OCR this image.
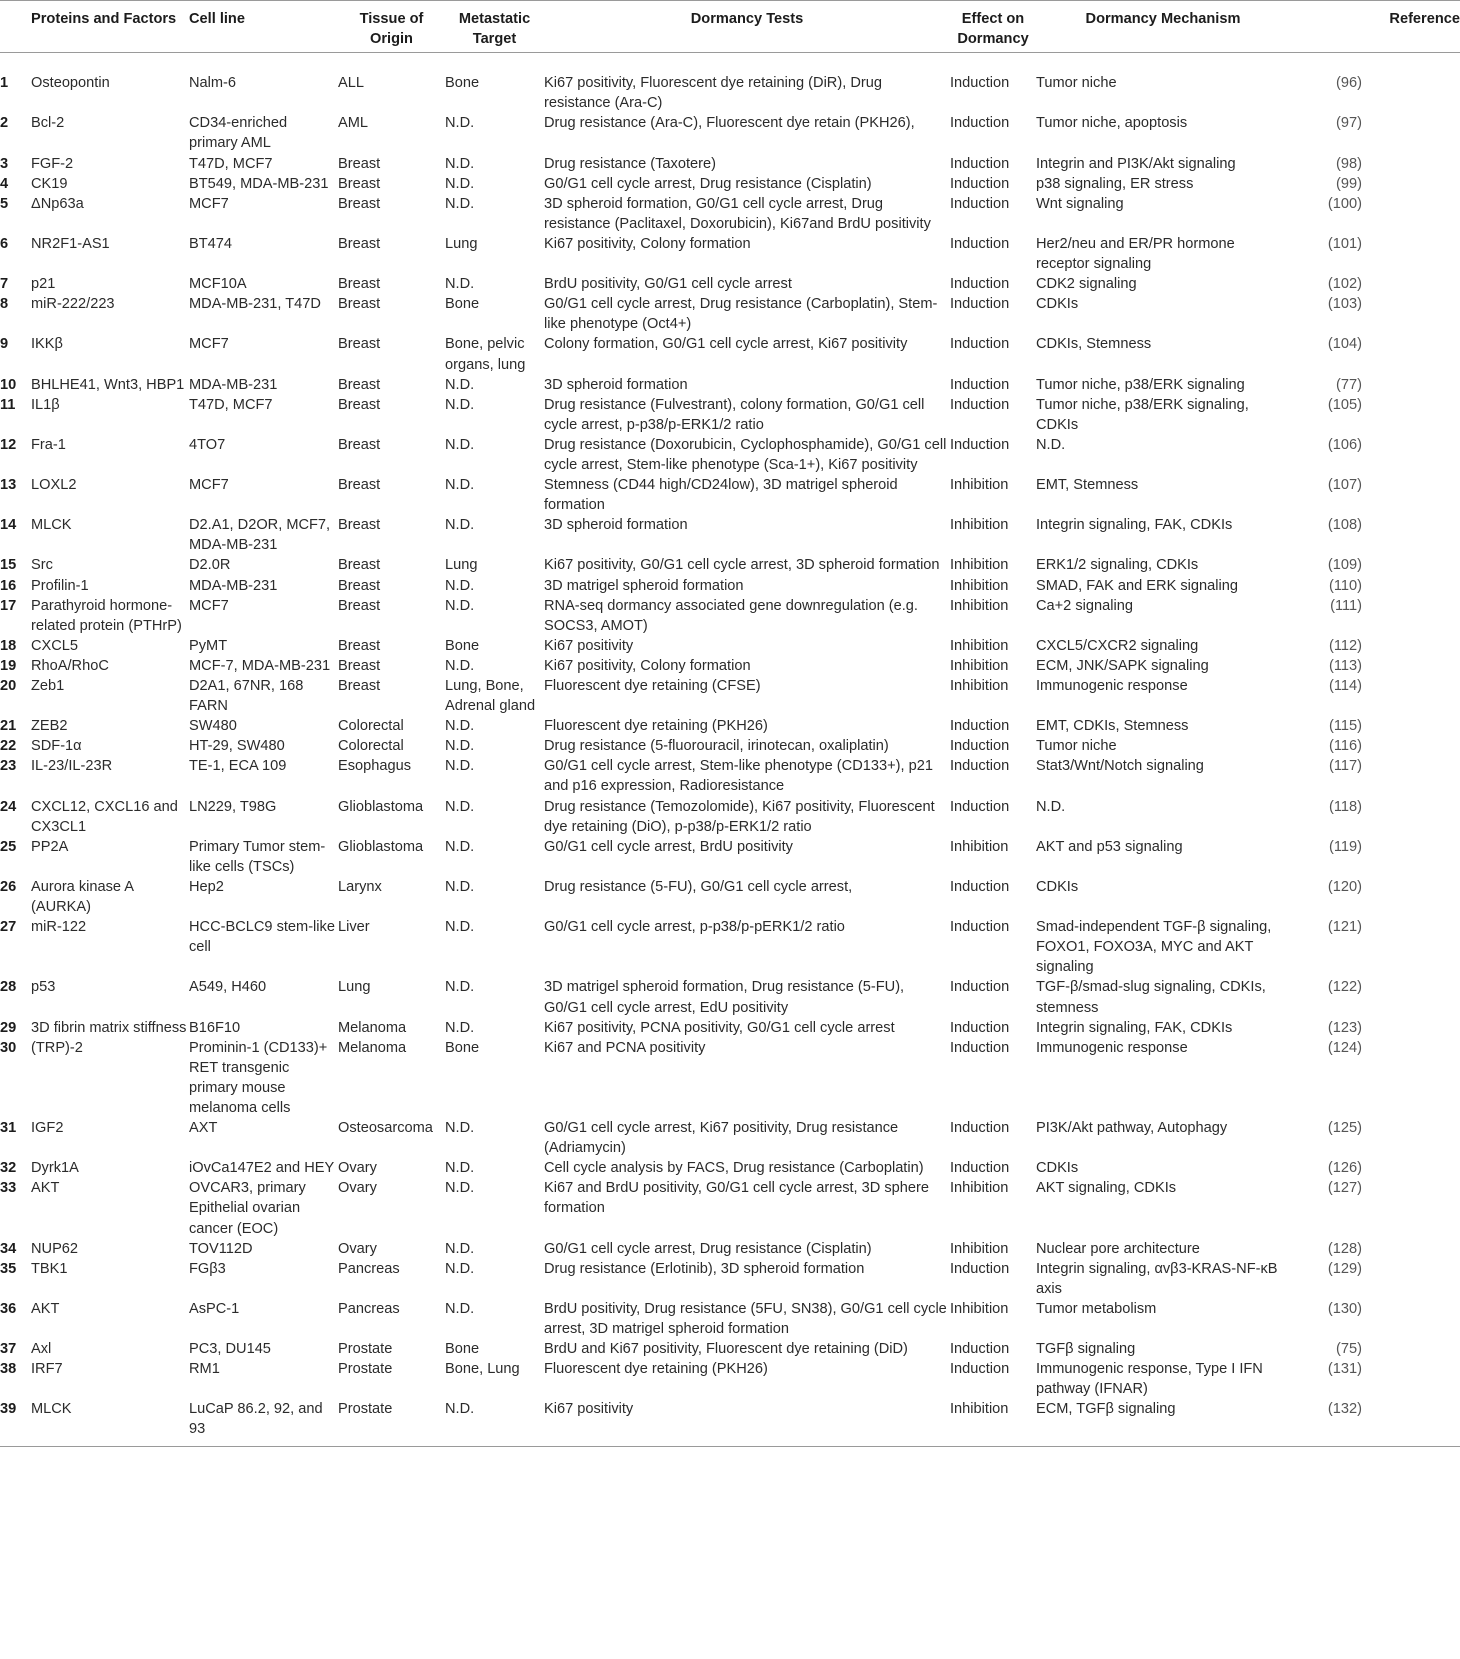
	Proteins and Factors	Cell line	Tissue of Origin	Metastatic Target	Dormancy Tests	Effect on Dormancy	Dormancy Mechanism	Reference
1	Osteopontin	Nalm-6	ALL	Bone	Ki67 positivity, Fluorescent dye retaining (DiR), Drug resistance (Ara-C)	Induction	Tumor niche	(96)
2	Bcl-2	CD34-enriched primary AML	AML	N.D.	Drug resistance (Ara-C), Fluorescent dye retain (PKH26),	Induction	Tumor niche, apoptosis	(97)
3	FGF-2	T47D, MCF7	Breast	N.D.	Drug resistance (Taxotere)	Induction	Integrin and PI3K/Akt signaling	(98)
4	CK19	BT549, MDA-MB-231	Breast	N.D.	G0/G1 cell cycle arrest, Drug resistance (Cisplatin)	Induction	p38 signaling, ER stress	(99)
5	ΔNp63a	MCF7	Breast	N.D.	3D spheroid formation, G0/G1 cell cycle arrest, Drug resistance (Paclitaxel, Doxorubicin), Ki67and BrdU positivity	Induction	Wnt signaling	(100)
6	NR2F1-AS1	BT474	Breast	Lung	Ki67 positivity, Colony formation	Induction	Her2/neu and ER/PR hormone receptor signaling	(101)
7	p21	MCF10A	Breast	N.D.	BrdU positivity, G0/G1 cell cycle arrest	Induction	CDK2 signaling	(102)
8	miR-222/223	MDA-MB-231, T47D	Breast	Bone	G0/G1 cell cycle arrest, Drug resistance (Carboplatin), Stem-like phenotype (Oct4+)	Induction	CDKIs	(103)
9	IKKβ	MCF7	Breast	Bone, pelvic organs, lung	Colony formation, G0/G1 cell cycle arrest, Ki67 positivity	Induction	CDKIs, Stemness	(104)
10	BHLHE41, Wnt3, HBP1	MDA-MB-231	Breast	N.D.	3D spheroid formation	Induction	Tumor niche, p38/ERK signaling	(77)
11	IL1β	T47D, MCF7	Breast	N.D.	Drug resistance (Fulvestrant), colony formation, G0/G1 cell cycle arrest, p-p38/p-ERK1/2 ratio	Induction	Tumor niche, p38/ERK signaling, CDKIs	(105)
12	Fra-1	4TO7	Breast	N.D.	Drug resistance (Doxorubicin, Cyclophosphamide), G0/G1 cell cycle arrest, Stem-like phenotype (Sca-1+), Ki67 positivity	Induction	N.D.	(106)
13	LOXL2	MCF7	Breast	N.D.	Stemness (CD44 high/CD24low), 3D matrigel spheroid formation	Inhibition	EMT, Stemness	(107)
14	MLCK	D2.A1, D2OR, MCF7, MDA-MB-231	Breast	N.D.	3D spheroid formation	Inhibition	Integrin signaling, FAK, CDKIs	(108)
15	Src	D2.0R	Breast	Lung	Ki67 positivity, G0/G1 cell cycle arrest, 3D spheroid formation	Inhibition	ERK1/2 signaling, CDKIs	(109)
16	Profilin-1	MDA-MB-231	Breast	N.D.	3D matrigel spheroid formation	Inhibition	SMAD, FAK and ERK signaling	(110)
17	Parathyroid hormone-related protein (PTHrP)	MCF7	Breast	N.D.	RNA-seq dormancy associated gene downregulation (e.g. SOCS3, AMOT)	Inhibition	Ca+2 signaling	(111)
18	CXCL5	PyMT	Breast	Bone	Ki67 positivity	Inhibition	CXCL5/CXCR2 signaling	(112)
19	RhoA/RhoC	MCF-7, MDA-MB-231	Breast	N.D.	Ki67 positivity, Colony formation	Inhibition	ECM, JNK/SAPK signaling	(113)
20	Zeb1	D2A1, 67NR, 168 FARN	Breast	Lung, Bone, Adrenal gland	Fluorescent dye retaining (CFSE)	Inhibition	Immunogenic response	(114)
21	ZEB2	SW480	Colorectal	N.D.	Fluorescent dye retaining (PKH26)	Induction	EMT, CDKIs, Stemness	(115)
22	SDF-1α	HT-29, SW480	Colorectal	N.D.	Drug resistance (5-fluorouracil, irinotecan, oxaliplatin)	Induction	Tumor niche	(116)
23	IL-23/IL-23R	TE-1, ECA 109	Esophagus	N.D.	G0/G1 cell cycle arrest, Stem-like phenotype (CD133+), p21 and p16 expression, Radioresistance	Induction	Stat3/Wnt/Notch signaling	(117)
24	CXCL12, CXCL16 and CX3CL1	LN229, T98G	Glioblastoma	N.D.	Drug resistance (Temozolomide), Ki67 positivity, Fluorescent dye retaining (DiO), p-p38/p-ERK1/2 ratio	Induction	N.D.	(118)
25	PP2A	Primary Tumor stem-like cells (TSCs)	Glioblastoma	N.D.	G0/G1 cell cycle arrest, BrdU positivity	Inhibition	AKT and p53 signaling	(119)
26	Aurora kinase A (AURKA)	Hep2	Larynx	N.D.	Drug resistance (5-FU), G0/G1 cell cycle arrest,	Induction	CDKIs	(120)
27	miR-122	HCC-BCLC9 stem-like cell	Liver	N.D.	G0/G1 cell cycle arrest, p-p38/p-pERK1/2 ratio	Induction	Smad-independent TGF-β signaling, FOXO1, FOXO3A, MYC and AKT signaling	(121)
28	p53	A549, H460	Lung	N.D.	3D matrigel spheroid formation, Drug resistance (5-FU), G0/G1 cell cycle arrest, EdU positivity	Induction	TGF-β/smad-slug signaling, CDKIs, stemness	(122)
29	3D fibrin matrix stiffness	B16F10	Melanoma	N.D.	Ki67 positivity, PCNA positivity, G0/G1 cell cycle arrest	Induction	Integrin signaling, FAK, CDKIs	(123)
30	(TRP)-2	Prominin-1 (CD133)+ RET transgenic primary mouse melanoma cells	Melanoma	Bone	Ki67 and PCNA positivity	Induction	Immunogenic response	(124)
31	IGF2	AXT	Osteosarcoma	N.D.	G0/G1 cell cycle arrest, Ki67 positivity, Drug resistance (Adriamycin)	Induction	PI3K/Akt pathway, Autophagy	(125)
32	Dyrk1A	iOvCa147E2 and HEY	Ovary	N.D.	Cell cycle analysis by FACS, Drug resistance (Carboplatin)	Induction	CDKIs	(126)
33	AKT	OVCAR3, primary Epithelial ovarian cancer (EOC)	Ovary	N.D.	Ki67 and BrdU positivity, G0/G1 cell cycle arrest, 3D sphere formation	Inhibition	AKT signaling, CDKIs	(127)
34	NUP62	TOV112D	Ovary	N.D.	G0/G1 cell cycle arrest, Drug resistance (Cisplatin)	Inhibition	Nuclear pore architecture	(128)
35	TBK1	FGβ3	Pancreas	N.D.	Drug resistance (Erlotinib), 3D spheroid formation	Induction	Integrin signaling, αvβ3-KRAS-NF-κB axis	(129)
36	AKT	AsPC-1	Pancreas	N.D.	BrdU positivity, Drug resistance (5FU, SN38), G0/G1 cell cycle arrest, 3D matrigel spheroid formation	Inhibition	Tumor metabolism	(130)
37	Axl	PC3, DU145	Prostate	Bone	BrdU and Ki67 positivity, Fluorescent dye retaining (DiD)	Induction	TGFβ signaling	(75)
38	IRF7	RM1	Prostate	Bone, Lung	Fluorescent dye retaining (PKH26)	Induction	Immunogenic response, Type I IFN pathway (IFNAR)	(131)
39	MLCK	LuCaP 86.2, 92, and 93	Prostate	N.D.	Ki67 positivity	Inhibition	ECM, TGFβ signaling	(132)
